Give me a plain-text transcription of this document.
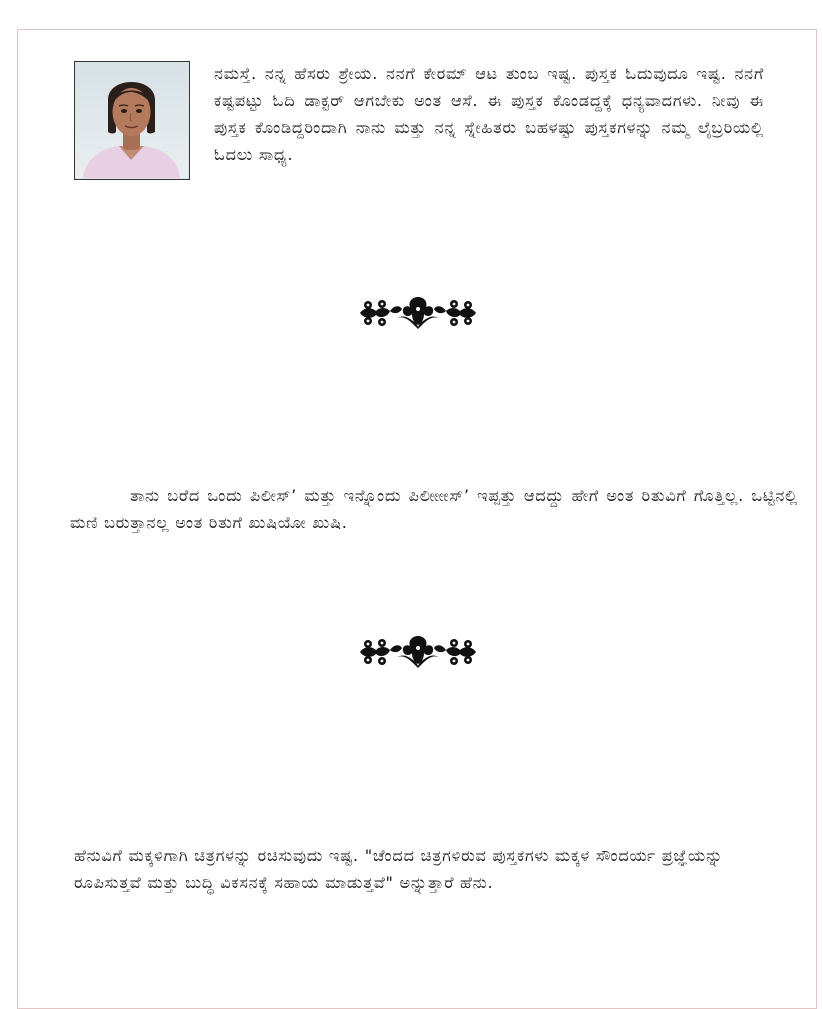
ನಮಸ್ತೆ. ನನ್ನ ಹೆಸರು ಶ್ರೇಯ. ನನಗೆ ಕೇರಮ್ ಆಟ ತುಂಬ ಇಷ್ಟ. ಪುಸ್ತಕ ಓದುವುದೂ ಇಷ್ಟ. ನನಗೆ ಕಷ್ಟಪಟ್ಟು ಓದಿ ಡಾಕ್ಟರ್ ಆಗಬೇಕು ಅಂತ ಆಸೆ. ಈ ಪುಸ್ತಕ ಕೊಂಡದ್ದಕ್ಕೆ ಧನ್ಯವಾದಗಳು. ನೀವು ಈ ಪುಸ್ತಕ ಕೊಂಡಿದ್ದರಿಂದಾಗಿ ನಾನು ಮತ್ತು ನನ್ನ ಸ್ನೇಹಿತರು ಬಹಳಷ್ಟು ಪುಸ್ತಕಗಳನ್ನು ನಮ್ಮ ಲೈಬ್ರರಿಯಲ್ಲಿ ಓದಲು ಸಾಧ್ಯ.
ತಾನು ಬರೆದ ಒಂದು ಪಿಲೀಸ್’ ಮತ್ತು ಇನ್ನೊಂದು ಪಿಲೀೕೕೕಸ್’ ಇಪ್ಪತ್ತು ಆದದ್ದು ಹೇಗೆ ಅಂತ ರಿತುವಿಗೆ ಗೊತ್ತಿಲ್ಲ. ಒಟ್ಟಿನಲ್ಲಿ ಮಣಿ ಬರುತ್ತಾನಲ್ಲ ಅಂತ ರಿತುಗೆ ಖುಷಿಯೋ ಖುಷಿ.
ಹೆನುವಿಗೆ ಮಕ್ಕಳಿಗಾಗಿ ಚಿತ್ರಗಳನ್ನು ರಚಿಸುವುದು ಇಷ್ಟ. "ಚೆಂದದ ಚಿತ್ರಗಳಿರುವ ಪುಸ್ತಕಗಳು ಮಕ್ಕಳ ಸೌಂದರ್ಯ ಪ್ರಜ್ಞೆಯನ್ನು ರೂಪಿಸುತ್ತವೆ ಮತ್ತು ಬುದ್ಧಿ ವಿಕಸನಕ್ಕೆ ಸಹಾಯ ಮಾಡುತ್ತವೆ" ಅನ್ನುತ್ತಾರೆ ಹೆನು.
